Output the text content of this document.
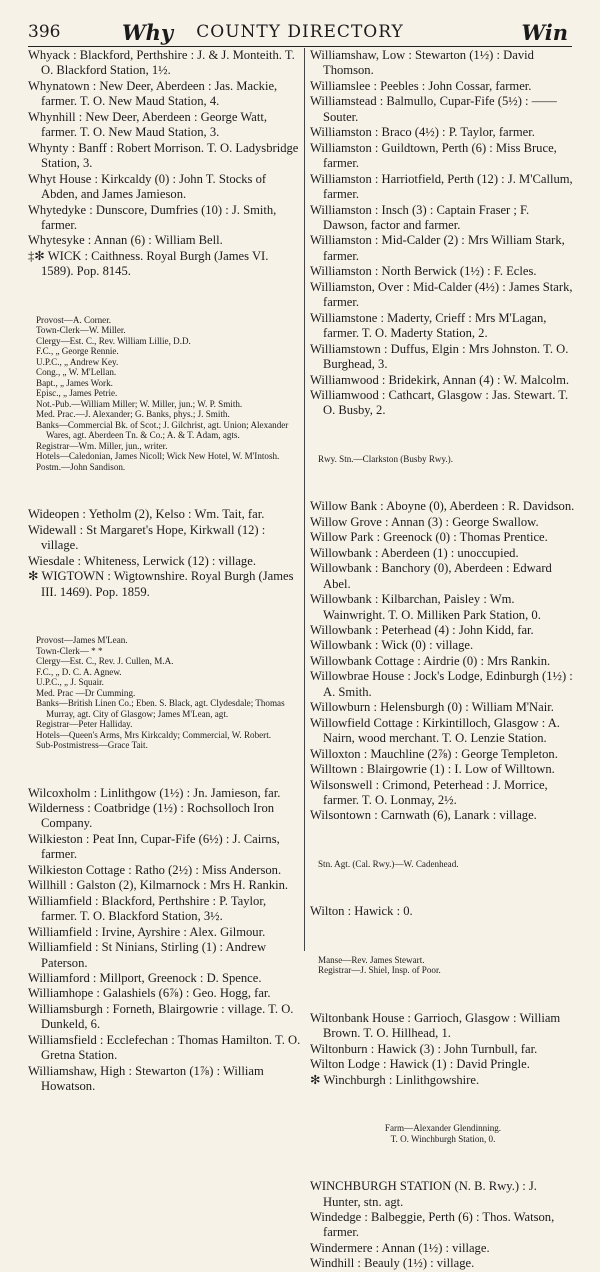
396	Why	COUNTY DIRECTORY	Win

Whyack : Blackford, Perthshire : J. & J. Monteith. T. O. Blackford Station, 1½.

Whynatown : New Deer, Aberdeen : Jas. Mackie, farmer. T. O. New Maud Station, 4.

Whynhill : New Deer, Aberdeen : George Watt, farmer. T. O. New Maud Station, 3.

Whynty : Banff : Robert Morrison. T. O. Ladysbridge Station, 3.

Whyt House : Kirkcaldy (0) : John T. Stocks of Abden, and James Jamieson.

Whytedyke : Dunscore, Dumfries (10) : J. Smith, farmer.

Whytesyke : Annan (6) : William Bell.

‡✻ WICK : Caithness. Royal Burgh (James VI. 1589). Pop. 8145.

Provost—A. Corner.

Town-Clerk—W. Miller.

Clergy—Est. C., Rev. William Lillie, D.D.

F.C., „ George Rennie.

U.P.C., „ Andrew Key.

Cong., „ W. M'Lellan.

Bapt., „ James Work.

Episc., „ James Petrie.

Not.-Pub.—William Miller; W. Miller, jun.; W. P. Smith.

Med. Prac.—J. Alexander; G. Banks, phys.; J. Smith.

Banks—Commercial Bk. of Scot.; J. Gilchrist, agt. Union; Alexander Wares, agt. Aberdeen Tn. & Co.; A. & T. Adam, agts.

Registrar—Wm. Miller, jun., writer.

Hotels—Caledonian, James Nicoll; Wick New Hotel, W. M'Intosh.

Postm.—John Sandison.

Wideopen : Yetholm (2), Kelso : Wm. Tait, far.

Widewall : St Margaret's Hope, Kirkwall (12) : village.

Wiesdale : Whiteness, Lerwick (12) : village.

✻ WIGTOWN : Wigtownshire. Royal Burgh (James III. 1469). Pop. 1859.

Provost—James M'Lean.

Town-Clerk— * *

Clergy—Est. C., Rev. J. Cullen, M.A.

F.C., „ D. C. A. Agnew.

U.P.C., „ J. Squair.

Med. Prac —Dr Cumming.

Banks—British Linen Co.; Eben. S. Black, agt. Clydesdale; Thomas Murray, agt. City of Glasgow; James M'Lean, agt.

Registrar—Peter Halliday.

Hotels—Queen's Arms, Mrs Kirkcaldy; Commercial, W. Robert.

Sub-Postmistress—Grace Tait.

Wilcoxholm : Linlithgow (1½) : Jn. Jamieson, far.

Wilderness : Coatbridge (1½) : Rochsolloch Iron Company.

Wilkieston : Peat Inn, Cupar-Fife (6½) : J. Cairns, farmer.

Wilkieston Cottage : Ratho (2½) : Miss Anderson.

Willhill : Galston (2), Kilmarnock : Mrs H. Rankin.

Williamfield : Blackford, Perthshire : P. Taylor, farmer. T. O. Blackford Station, 3½.

Williamfield : Irvine, Ayrshire : Alex. Gilmour.

Williamfield : St Ninians, Stirling (1) : Andrew Paterson.

Williamford : Millport, Greenock : D. Spence.

Williamhope : Galashiels (6⅞) : Geo. Hogg, far.

Williamsburgh : Forneth, Blairgowrie : village. T. O. Dunkeld, 6.

Williamsfield : Ecclefechan : Thomas Hamilton. T. O. Gretna Station.

Williamshaw, High : Stewarton (1⅞) : William Howatson.

Williamshaw, Low : Stewarton (1½) : David Thomson.

Williamslee : Peebles : John Cossar, farmer.

Williamstead : Balmullo, Cupar-Fife (5½) : —— Souter.

Williamston : Braco (4½) : P. Taylor, farmer.

Williamston : Guildtown, Perth (6) : Miss Bruce, farmer.

Williamston : Harriotfield, Perth (12) : J. M'Callum, farmer.

Williamston : Insch (3) : Captain Fraser ; F. Dawson, factor and farmer.

Williamston : Mid-Calder (2) : Mrs William Stark, farmer.

Williamston : North Berwick (1½) : F. Ecles.

Williamston, Over : Mid-Calder (4½) : James Stark, farmer.

Williamstone : Maderty, Crieff : Mrs M'Lagan, farmer. T. O. Maderty Station, 2.

Williamstown : Duffus, Elgin : Mrs Johnston. T. O. Burghead, 3.

Williamwood : Bridekirk, Annan (4) : W. Malcolm.

Williamwood : Cathcart, Glasgow : Jas. Stewart. T. O. Busby, 2.

Rwy. Stn.—Clarkston (Busby Rwy.).

Willow Bank : Aboyne (0), Aberdeen : R. Davidson.

Willow Grove : Annan (3) : George Swallow.

Willow Park : Greenock (0) : Thomas Prentice.

Willowbank : Aberdeen (1) : unoccupied.

Willowbank : Banchory (0), Aberdeen : Edward Abel.

Willowbank : Kilbarchan, Paisley : Wm. Wainwright. T. O. Milliken Park Station, 0.

Willowbank : Peterhead (4) : John Kidd, far.

Willowbank : Wick (0) : village.

Willowbank Cottage : Airdrie (0) : Mrs Rankin.

Willowbrae House : Jock's Lodge, Edinburgh (1½) : A. Smith.

Willowburn : Helensburgh (0) : William M'Nair.

Willowfield Cottage : Kirkintilloch, Glasgow : A. Nairn, wood merchant. T. O. Lenzie Station.

Willoxton : Mauchline (2⅞) : George Templeton.

Willtown : Blairgowrie (1) : I. Low of Willtown.

Wilsonswell : Crimond, Peterhead : J. Morrice, farmer. T. O. Lonmay, 2½.

Wilsontown : Carnwath (6), Lanark : village.

Stn. Agt. (Cal. Rwy.)—W. Cadenhead.

Wilton : Hawick : 0.

Manse—Rev. James Stewart.

Registrar—J. Shiel, Insp. of Poor.

Wiltonbank House : Garrioch, Glasgow : William Brown. T. O. Hillhead, 1.

Wiltonburn : Hawick (3) : John Turnbull, far.

Wilton Lodge : Hawick (1) : David Pringle.

✻ Winchburgh : Linlithgowshire.

Farm—Alexander Glendinning.

T. O. Winchburgh Station, 0.

WINCHBURGH STATION (N. B. Rwy.) : J. Hunter, stn. agt.

Windedge : Balbeggie, Perth (6) : Thos. Watson, farmer.

Windermere : Annan (1½) : village.

Windhill : Beauly (1½) : village.
